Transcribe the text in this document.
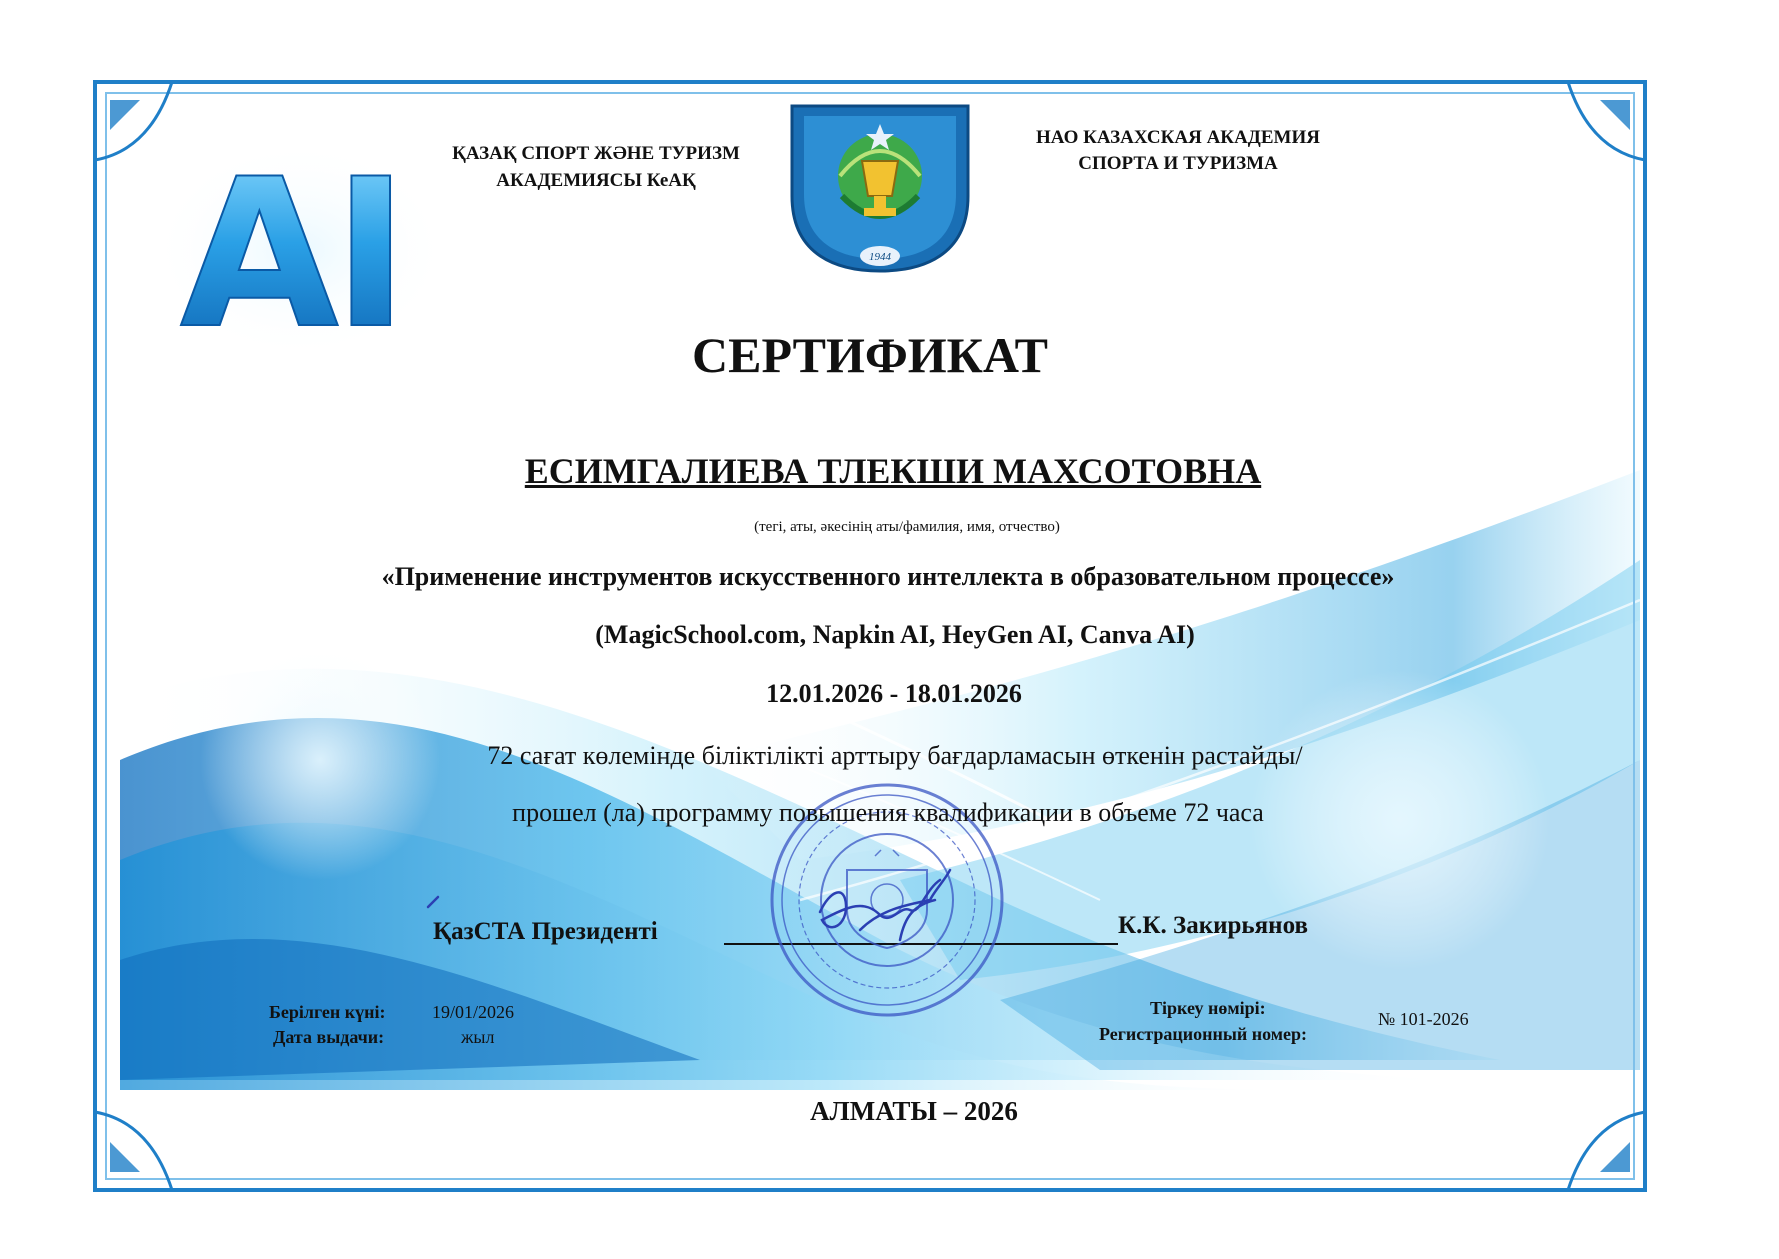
AI	1944
ҚАЗАҚ СПОРТ ЖӘНЕ ТУРИЗМ
АКАДЕМИЯСЫ КеАҚ
НАО КАЗАХСКАЯ АКАДЕМИЯ
СПОРТА И ТУРИЗМА
СЕРТИФИКАТ
ЕСИМГАЛИЕВА ТЛЕКШИ МАХСОТОВНА
(тегі, аты, әкесінің аты/фамилия, имя, отчество)
«Применение инструментов искусственного интеллекта в образовательном процессе»
(MagicSchool.com, Napkin AI, HeyGen AI, Canva AI)
12.01.2026 - 18.01.2026
72 сағат көлемінде біліктілікті арттыру бағдарламасын өткенін растайды/
прошел (ла) программу повышения квалификации в объеме 72 часа
ҚазСТА Президенті	К.К. Закирьянов
Берілген күні:
Дата выдачи:
19/01/2026
жыл
Тіркеу нөмірі:
Регистрационный номер:
№ 101-2026
АЛМАТЫ – 2026
